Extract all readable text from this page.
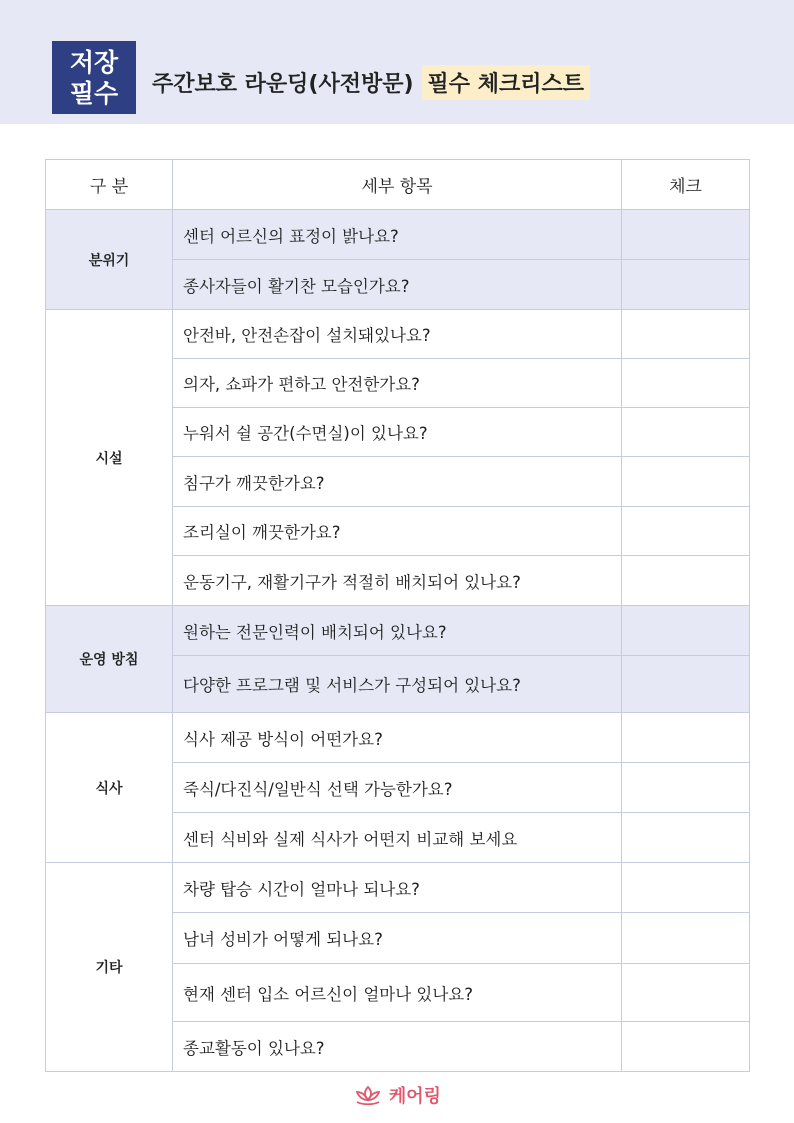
저장
필수 주간보호 라운딩(사전방문) 필수 체크리스트
구 분	세부 항목	체크
분위기	센터 어르신의 표정이 밝나요?	
	종사자들이 활기찬 모습인가요?	
시설	안전바, 안전손잡이 설치돼있나요?	
	의자, 쇼파가 편하고 안전한가요?	
	누워서 쉴 공간(수면실)이 있나요?	
	침구가 깨끗한가요?	
	조리실이 깨끗한가요?	
	운동기구, 재활기구가 적절히 배치되어 있나요?	
운영 방침	원하는 전문인력이 배치되어 있나요?	
	다양한 프로그램 및 서비스가 구성되어 있나요?	
식사	식사 제공 방식이 어떤가요?	
	죽식/다진식/일반식 선택 가능한가요?	
	센터 식비와 실제 식사가 어떤지 비교해 보세요	
기타	차량 탑승 시간이 얼마나 되나요?	
	남녀 성비가 어떻게 되나요?	
	현재 센터 입소 어르신이 얼마나 있나요?	
	종교활동이 있나요?	
케어링
